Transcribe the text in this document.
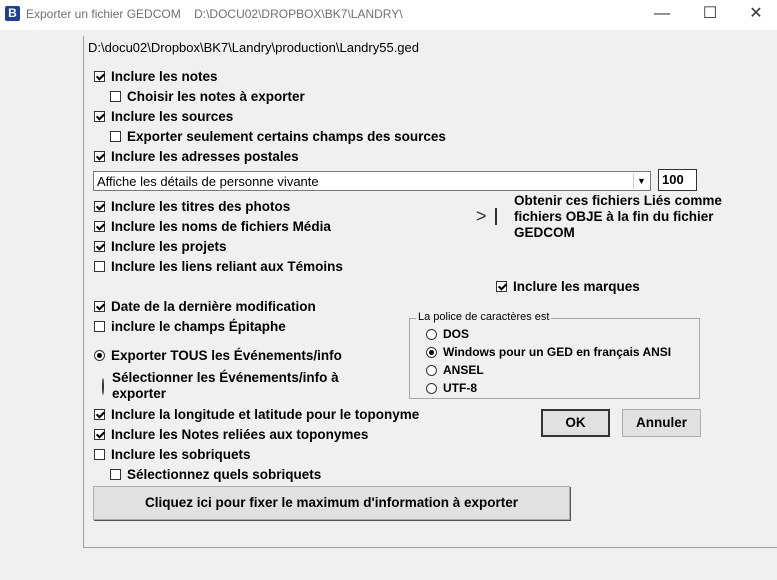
B Exporter un fichier GEDCOM D:\DOCU02\DROPBOX\BK7\LANDRY\	—	☐	✕
D:\docu02\Dropbox\BK7\Landry\production\Landry55.ged
Inclure les notes
Choisir les notes à exporter
Inclure les sources
Exporter seulement certains champs des sources
Inclure les adresses postales
Affiche les détails de personne vivante	▼	100
Inclure les titres des photos
Inclure les noms de fichiers Média
Inclure les projets
Inclure les liens reliant aux Témoins
>
Obtenir ces fichiers Liés comme fichiers OBJE à la fin du fichier GEDCOM
Inclure les marques
Date de la dernière modification
inclure le champs Épitaphe
Exporter TOUS les Événements/info
Sélectionner les Événements/info à exporter
La police de caractères est
DOS
Windows pour un GED en français ANSI
ANSEL
UTF-8
OK	Annuler
Inclure la longitude et latitude pour le toponyme
Inclure les Notes reliées aux toponymes
Inclure les sobriquets
Sélectionnez quels sobriquets
Cliquez ici pour fixer le maximum d'information à exporter
